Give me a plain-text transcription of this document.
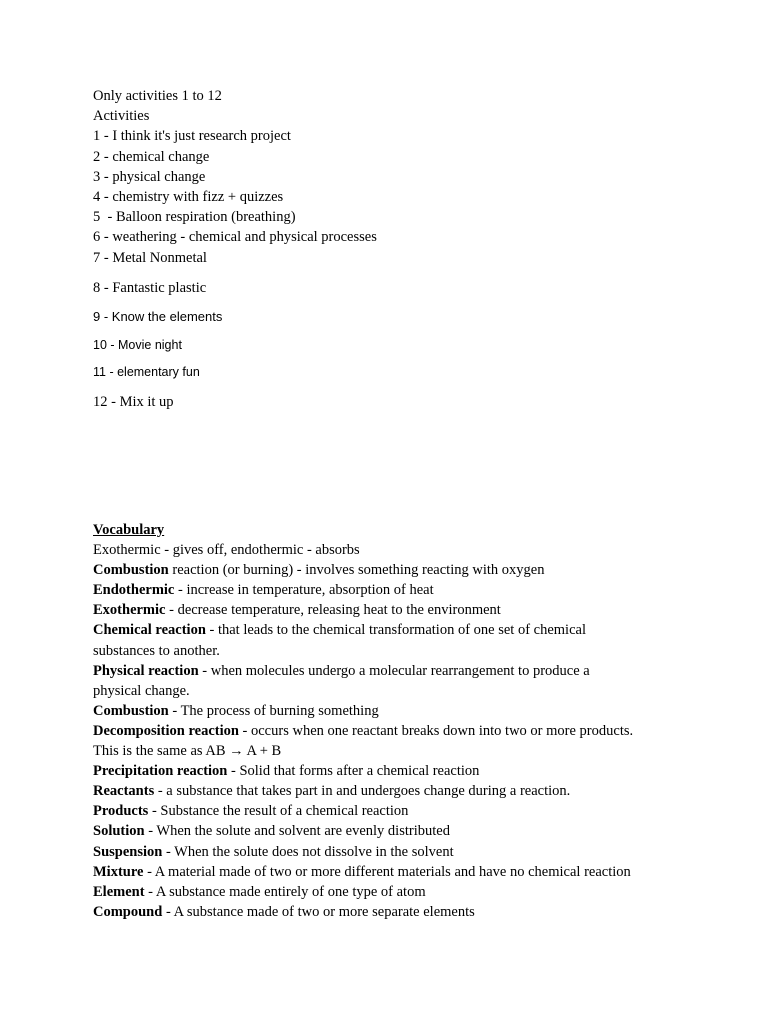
Only activities 1 to 12
Activities
1 - I think it's just research project
2 - chemical change
3 - physical change
4 - chemistry with fizz + quizzes
5  - Balloon respiration (breathing)
6 - weathering - chemical and physical processes
7 - Metal Nonmetal
8 - Fantastic plastic
9 - Know the elements
10 - Movie night
11 - elementary fun
12 - Mix it up
Vocabulary
Exothermic - gives off, endothermic - absorbs
Combustion reaction (or burning) - involves something reacting with oxygen
Endothermic - increase in temperature, absorption of heat
Exothermic - decrease temperature, releasing heat to the environment
Chemical reaction - that leads to the chemical transformation of one set of chemical
substances to another.
Physical reaction - when molecules undergo a molecular rearrangement to produce a
physical change.
Combustion - The process of burning something
Decomposition reaction - occurs when one reactant breaks down into two or more products.
This is the same as AB → A + B
Precipitation reaction - Solid that forms after a chemical reaction
Reactants - a substance that takes part in and undergoes change during a reaction.
Products - Substance the result of a chemical reaction
Solution - When the solute and solvent are evenly distributed
Suspension - When the solute does not dissolve in the solvent
Mixture - A material made of two or more different materials and have no chemical reaction
Element - A substance made entirely of one type of atom
Compound - A substance made of two or more separate elements
